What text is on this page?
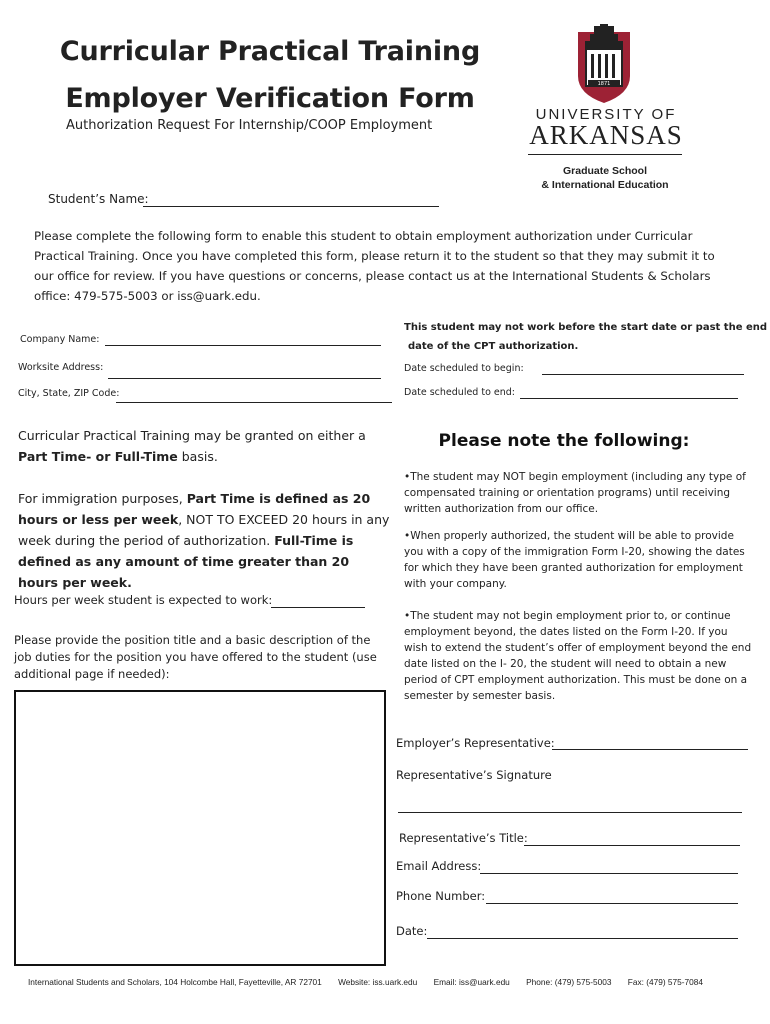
Curricular Practical Training
Employer Verification Form
Authorization Request For Internship/COOP Employment
1871
UNIVERSITY OF
ARKANSAS
Graduate School
& International Education
Student’s Name:
Please complete the following form to enable this student to obtain employment authorization under Curricular Practical Training. Once you have completed this form, please return it to the student so that they may submit it to our office for review. If you have questions or concerns, please contact us at the International Students & Scholars office: 479-575-5003 or iss@uark.edu.
Company Name:
Worksite Address:
City, State, ZIP Code:
This student may not work before the start date or past the end
date of the CPT authorization.
Date scheduled to begin:
Date scheduled to end:
Curricular Practical Training may be granted on either a Part Time- or Full-Time basis.
For immigration purposes, Part Time is defined as 20 hours or less per week, NOT TO EXCEED 20 hours in any week during the period of authorization. Full-Time is defined as any amount of time greater than 20 hours per week.
Hours per week student is expected to work:
Please provide the position title and a basic description of the job duties for the position you have offered to the student (use additional page if needed):
Please note the following:
•The student may NOT begin employment (including any type of compensated training or orientation programs) until receiving written authorization from our office.
•When properly authorized, the student will be able to provide you with a copy of the immigration Form I-20, showing the dates for which they have been granted authorization for employment with your company.
•The student may not begin employment prior to, or continue employment beyond, the dates listed on the Form I-20. If you wish to extend the student’s offer of employment beyond the end date listed on the I- 20, the student will need to obtain a new period of CPT employment authorization. This must be done on a semester by semester basis.
Employer’s Representative:
Representative’s Signature
Representative’s Title:
Email Address:
Phone Number:
Date:
International Students and Scholars, 104 Holcombe Hall, Fayetteville, AR 72701 Website: iss.uark.edu Email: iss@uark.edu Phone: (479) 575-5003 Fax: (479) 575-7084
